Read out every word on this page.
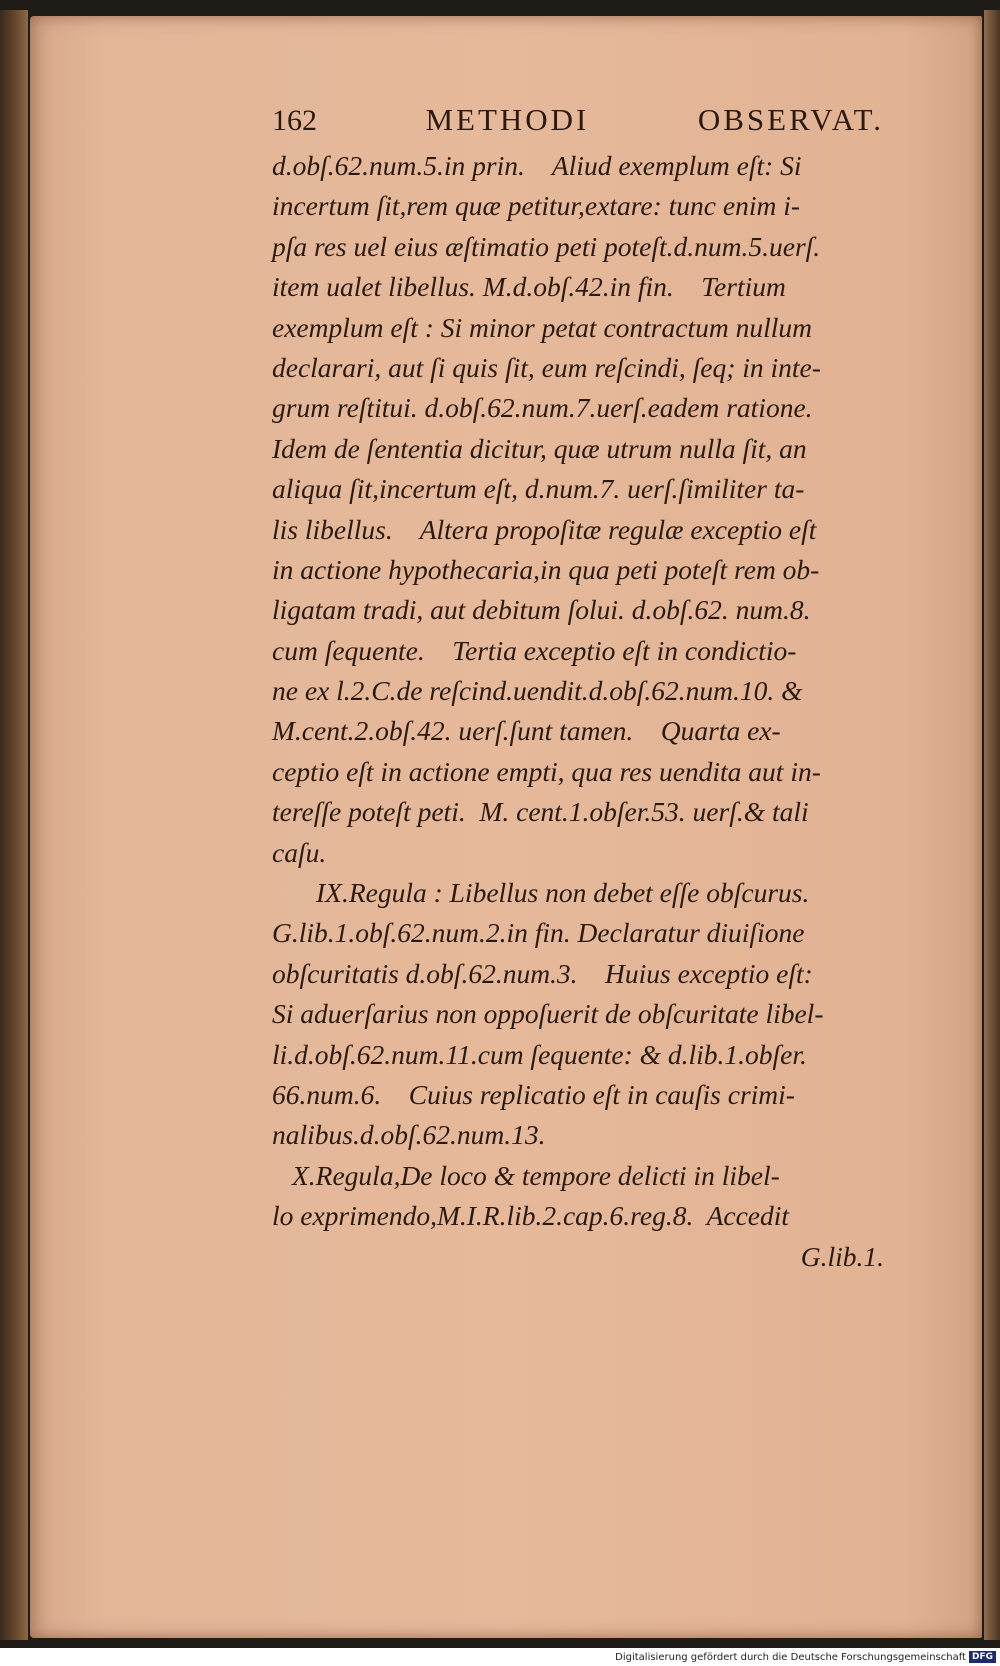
162	METHODI	OBSERVAT.
d.obſ.62.num.5.in prin.    Aliud exemplum eſt: Si
incertum ſit,rem quæ petitur,extare: tunc enim i-
pſa res uel eius æſtimatio peti poteſt.d.num.5.uerſ.
item ualet libellus. M.d.obſ.42.in fin.    Tertium
exemplum eſt : Si minor petat contractum nullum
declarari, aut ſi quis ſit, eum reſcindi, ſeq; in inte-
grum reſtitui. d.obſ.62.num.7.uerſ.eadem ratione.
Idem de ſententia dicitur, quæ utrum nulla ſit, an
aliqua ſit,incertum eſt, d.num.7. uerſ.ſimiliter ta-
lis libellus.    Altera propoſitæ regulæ exceptio eſt
in actione hypothecaria,in qua peti poteſt rem ob-
ligatam tradi, aut debitum ſolui. d.obſ.62. num.8.
cum ſequente.    Tertia exceptio eſt in condictio-
ne ex l.2.C.de reſcind.uendit.d.obſ.62.num.10. &
M.cent.2.obſ.42. uerſ.ſunt tamen.    Quarta ex-
ceptio eſt in actione empti, qua res uendita aut in-
tereſſe poteſt peti.  M. cent.1.obſer.53. uerſ.& tali
caſu.
IX.Regula : Libellus non debet eſſe obſcurus.
G.lib.1.obſ.62.num.2.in fin. Declaratur diuiſione
obſcuritatis d.obſ.62.num.3.    Huius exceptio eſt:
Si aduerſarius non oppoſuerit de obſcuritate libel-
li.d.obſ.62.num.11.cum ſequente: & d.lib.1.obſer.
66.num.6.    Cuius replicatio eſt in cauſis crimi-
nalibus.d.obſ.62.num.13.
X.Regula,De loco & tempore delicti in libel-
lo exprimendo,M.I.R.lib.2.cap.6.reg.8.  Accedit
G.lib.1.
Digitalisierung gefördert durch die Deutsche Forschungsgemeinschaft DFG
